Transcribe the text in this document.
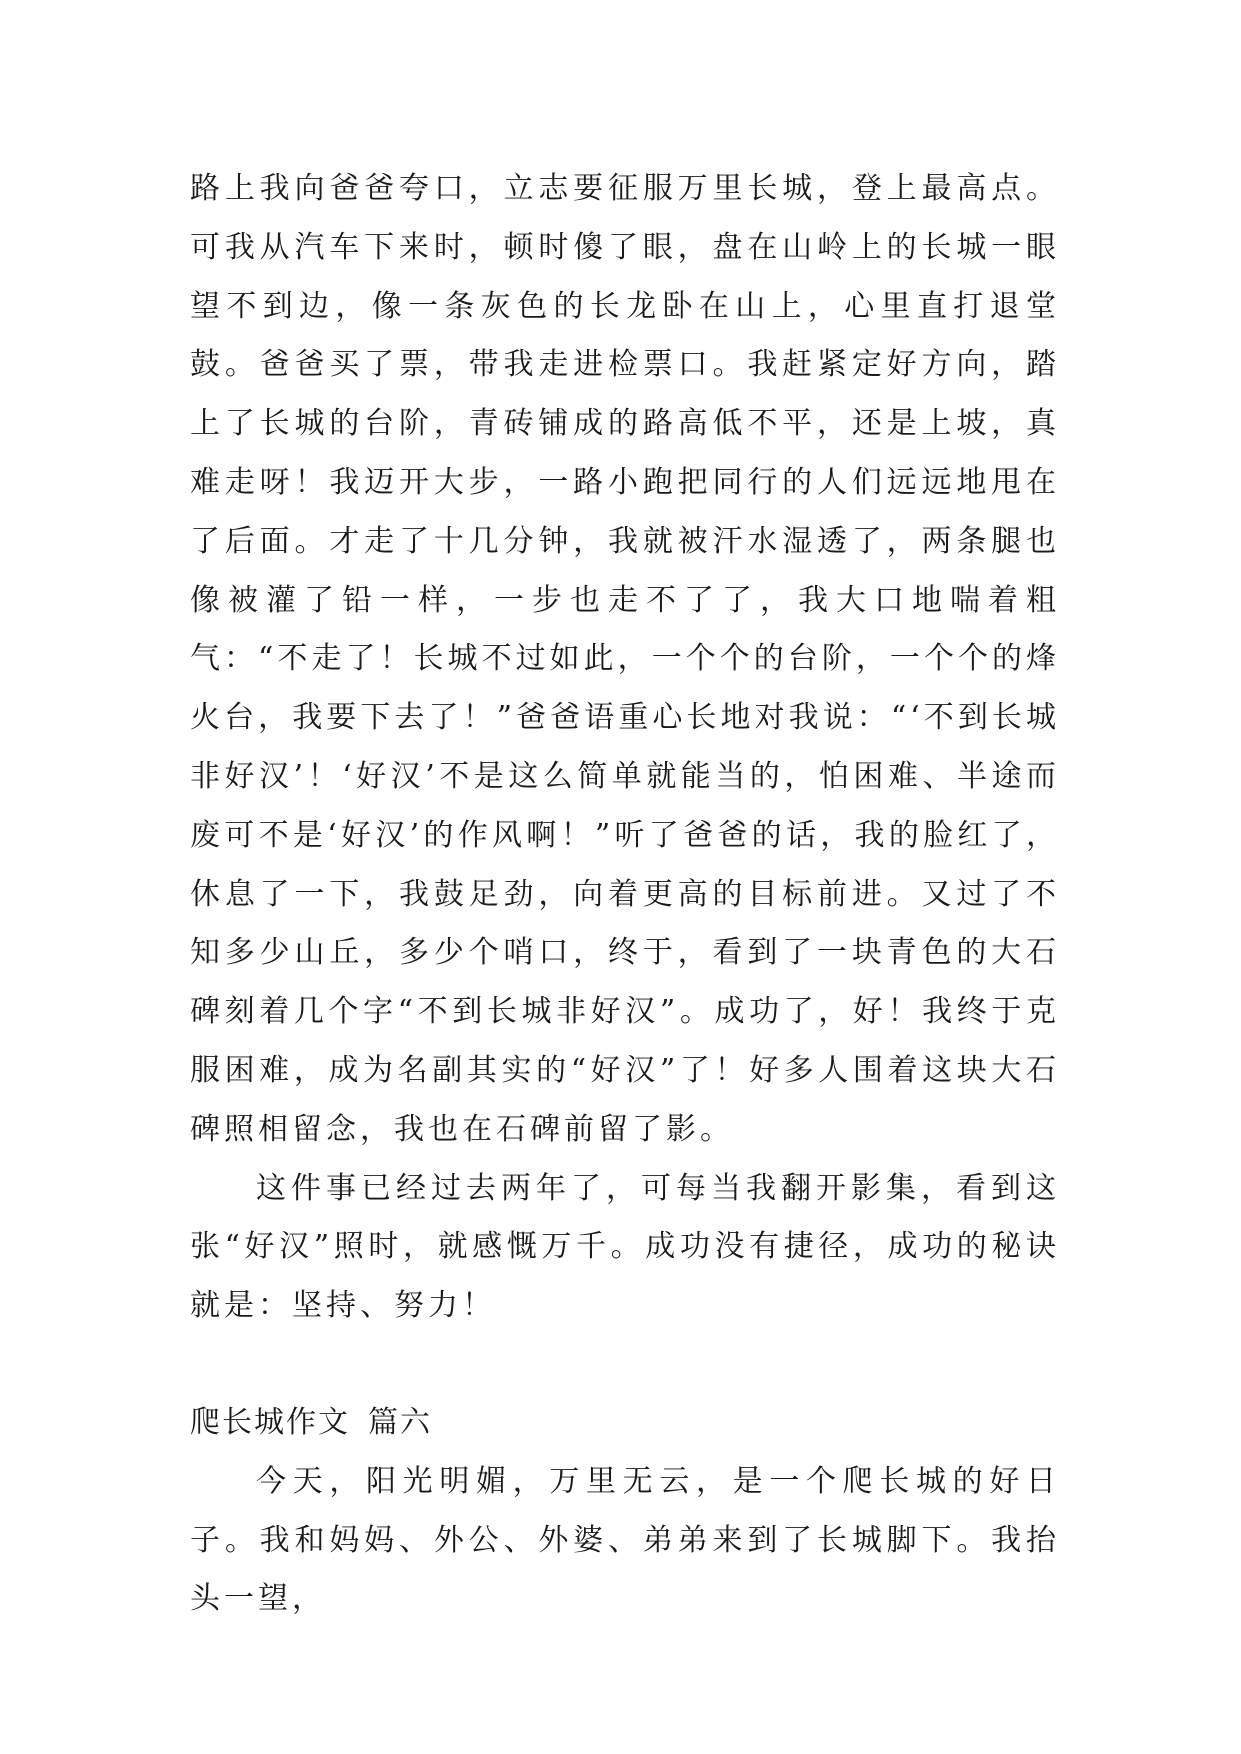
路上我向爸爸夸口，立志要征服万里长城，登上最高点。可我从汽车下来时，顿时傻了眼，盘在山岭上的长城一眼望不到边，像一条灰色的长龙卧在山上，心里直打退堂鼓。爸爸买了票，带我走进检票口。我赶紧定好方向，踏上了长城的台阶，青砖铺成的路高低不平，还是上坡，真难走呀！我迈开大步，一路小跑把同行的人们远远地甩在了后面。才走了十几分钟，我就被汗水湿透了，两条腿也像被灌了铅一样，一步也走不了了，我大口地喘着粗气：“不走了！长城不过如此，一个个的台阶，一个个的烽火台，我要下去了！”爸爸语重心长地对我说：“‘不到长城非好汉’！‘好汉’不是这么简单就能当的，怕困难、半途而废可不是‘好汉’的作风啊！”听了爸爸的话，我的脸红了，休息了一下，我鼓足劲，向着更高的目标前进。又过了不知多少山丘，多少个哨口，终于，看到了一块青色的大石碑刻着几个字“不到长城非好汉”。成功了，好！我终于克服困难，成为名副其实的“好汉”了！好多人围着这块大石碑照相留念，我也在石碑前留了影。

这件事已经过去两年了，可每当我翻开影集，看到这张“好汉”照时，就感慨万千。成功没有捷径，成功的秘诀就是：坚持、努力！

爬长城作文 篇六

今天，阳光明媚，万里无云，是一个爬长城的好日子。我和妈妈、外公、外婆、弟弟来到了长城脚下。我抬头一望，
